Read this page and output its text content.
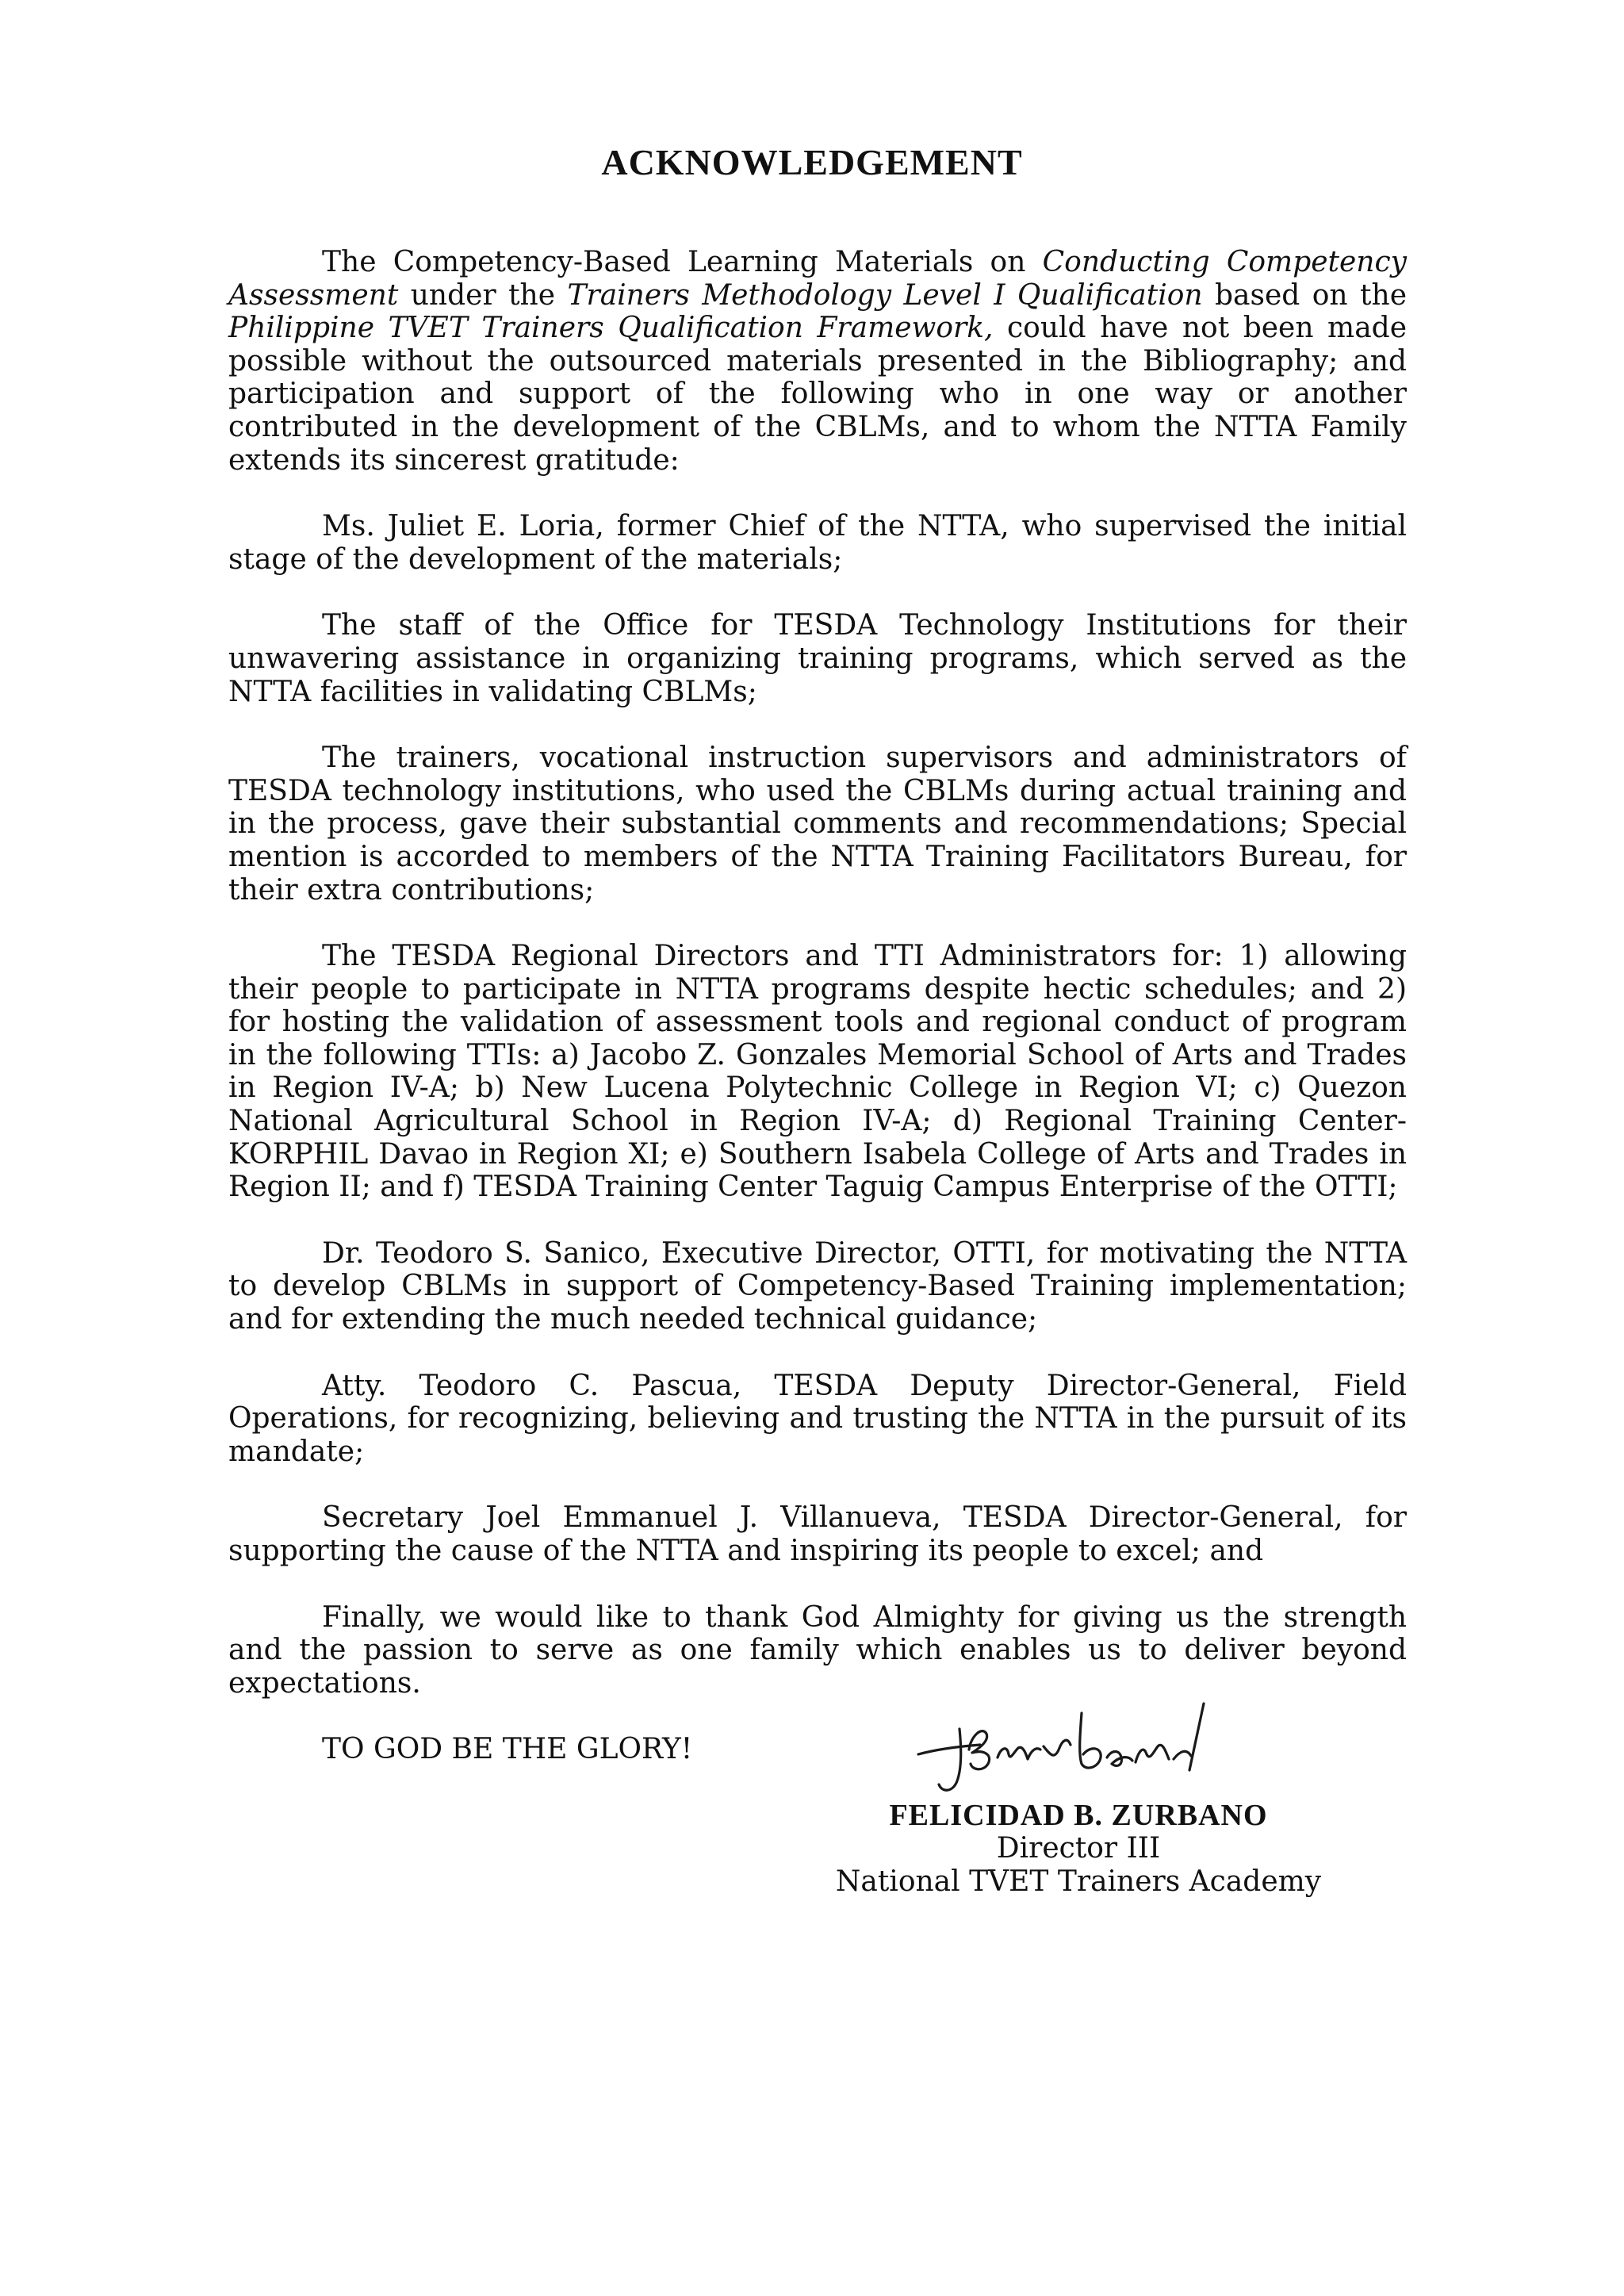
ACKNOWLEDGEMENT

The Competency-Based Learning Materials on Conducting Competency Assessment under the Trainers Methodology Level I Qualification based on the Philippine TVET Trainers Qualification Framework, could have not been made possible without the outsourced materials presented in the Bibliography; and participation and support of the following who in one way or another contributed in the development of the CBLMs, and to whom the NTTA Family extends its sincerest gratitude:

Ms. Juliet E. Loria, former Chief of the NTTA, who supervised the initial stage of the development of the materials;

The staff of the Office for TESDA Technology Institutions for their unwavering assistance in organizing training programs, which served as the NTTA facilities in validating CBLMs;

The trainers, vocational instruction supervisors and administrators of TESDA technology institutions, who used the CBLMs during actual training and in the process, gave their substantial comments and recommendations; Special mention is accorded to members of the NTTA Training Facilitators Bureau, for their extra contributions;

The TESDA Regional Directors and TTI Administrators for: 1) allowing their people to participate in NTTA programs despite hectic schedules; and 2) for hosting the validation of assessment tools and regional conduct of program in the following TTIs: a) Jacobo Z. Gonzales Memorial School of Arts and Trades in Region IV-A; b) New Lucena Polytechnic College in Region VI; c) Quezon National Agricultural School in Region IV-A; d) Regional Training Center-KORPHIL Davao in Region XI; e) Southern Isabela College of Arts and Trades in Region II; and f) TESDA Training Center Taguig Campus Enterprise of the OTTI;

Dr. Teodoro S. Sanico, Executive Director, OTTI, for motivating the NTTA to develop CBLMs in support of Competency-Based Training implementation; and for extending the much needed technical guidance;

Atty. Teodoro C. Pascua, TESDA Deputy Director-General, Field Operations, for recognizing, believing and trusting the NTTA in the pursuit of its mandate;

Secretary Joel Emmanuel J. Villanueva, TESDA Director-General, for supporting the cause of the NTTA and inspiring its people to excel; and

Finally, we would like to thank God Almighty for giving us the strength and the passion to serve as one family which enables us to deliver beyond expectations.

TO GOD BE THE GLORY!

FELICIDAD B. ZURBANO
Director III
National TVET Trainers Academy
